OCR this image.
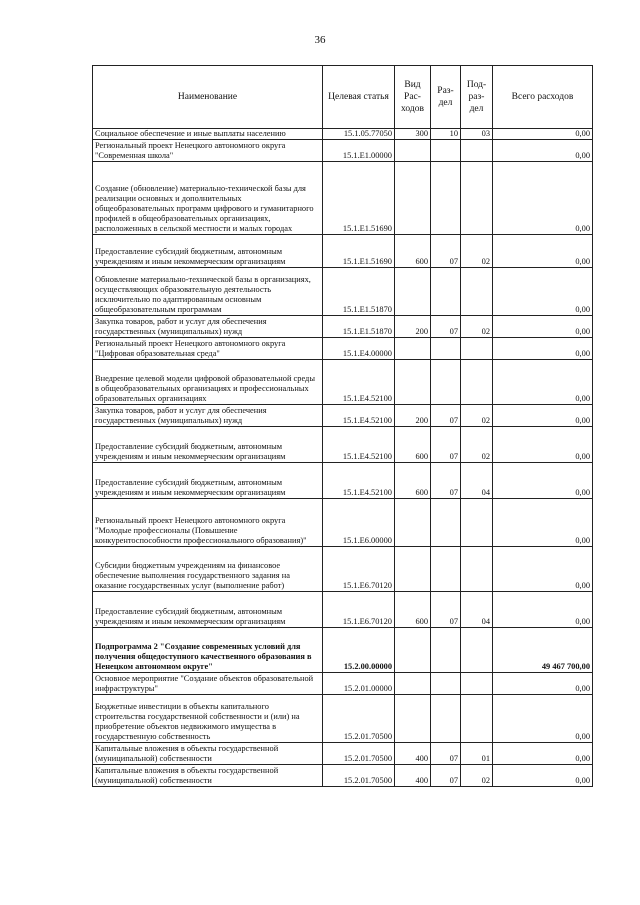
36
Наименование	Целевая статья	Вид Рас- ходов	Раз- дел	Под- раз- дел	Всего расходов
Социальное обеспечение и иные выплаты населению	15.1.05.77050	300	10	03	0,00
Региональный проект Ненецкого автономного округа "Современная школа"	15.1.E1.00000				0,00
Создание (обновление) материально-технической базы для реализации основных и дополнительных общеобразовательных программ цифрового и гуманитарного профилей в общеобразовательных организациях, расположенных в сельской местности и малых городах	15.1.E1.51690				0,00
Предоставление субсидий бюджетным, автономным учреждениям и иным некоммерческим организациям	15.1.E1.51690	600	07	02	0,00
Обновление материально-технической базы в организациях, осуществляющих образовательную деятельность исключительно по адаптированным основным общеобразовательным программам	15.1.E1.51870				0,00
Закупка товаров, работ и услуг для обеспечения государственных (муниципальных) нужд	15.1.E1.51870	200	07	02	0,00
Региональный проект Ненецкого автономного округа "Цифровая образовательная среда"	15.1.E4.00000				0,00
Внедрение целевой модели цифровой образовательной среды в общеобразовательных организациях и профессиональных образовательных организациях	15.1.E4.52100				0,00
Закупка товаров, работ и услуг для обеспечения государственных (муниципальных) нужд	15.1.E4.52100	200	07	02	0,00
Предоставление субсидий бюджетным, автономным учреждениям и иным некоммерческим организациям	15.1.E4.52100	600	07	02	0,00
Предоставление субсидий бюджетным, автономным учреждениям и иным некоммерческим организациям	15.1.E4.52100	600	07	04	0,00
Региональный проект Ненецкого автономного округа "Молодые профессионалы (Повышение конкурентоспособности профессионального образования)"	15.1.E6.00000				0,00
Субсидии бюджетным учреждениям на финансовое обеспечение выполнения государственного задания на оказание государственных услуг (выполнение работ)	15.1.E6.70120				0,00
Предоставление субсидий бюджетным, автономным учреждениям и иным некоммерческим организациям	15.1.E6.70120	600	07	04	0,00
Подпрограмма 2 "Создание современных условий для получения общедоступного качественного образования в Ненецком автономном округе"	15.2.00.00000				49 467 700,00
Основное мероприятие "Создание объектов образовательной инфраструктуры"	15.2.01.00000				0,00
Бюджетные инвестиции в объекты капитального строительства государственной собственности и (или) на приобретение объектов недвижимого имущества в государственную собственность	15.2.01.70500				0,00
Капитальные вложения в объекты государственной (муниципальной) собственности	15.2.01.70500	400	07	01	0,00
Капитальные вложения в объекты государственной (муниципальной) собственности	15.2.01.70500	400	07	02	0,00
